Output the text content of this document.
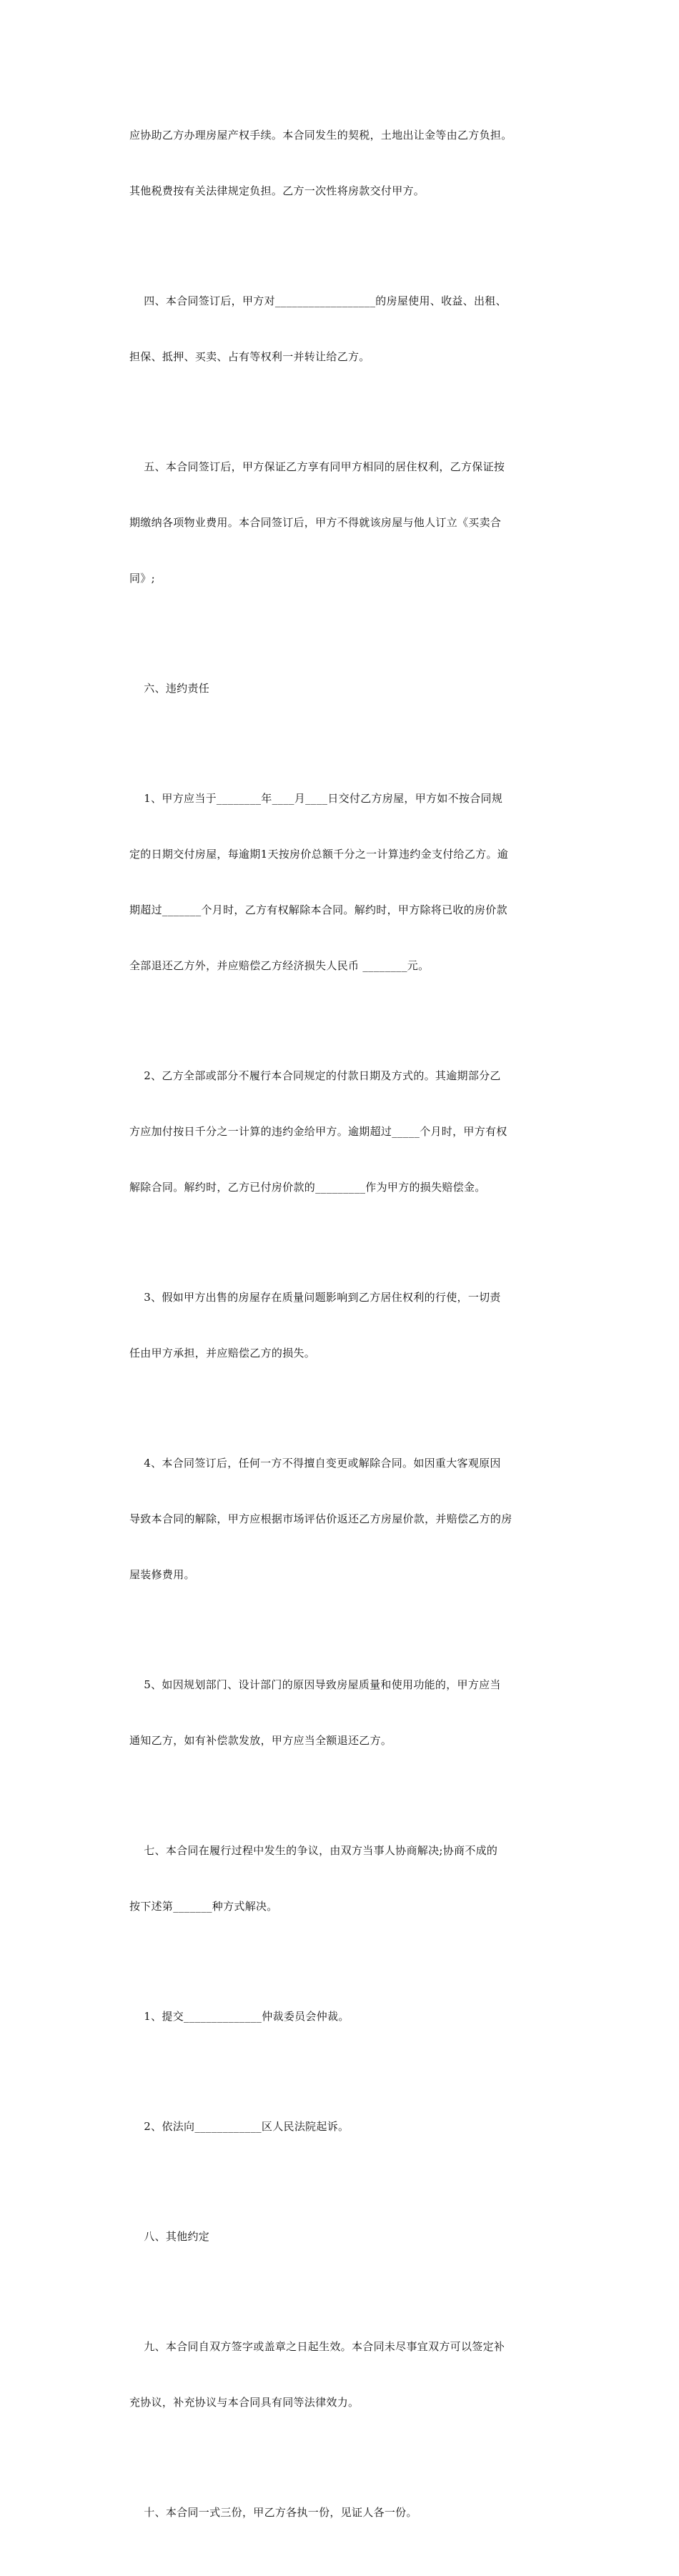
应协助乙方办理房屋产权手续。本合同发生的契税，土地出让金等由乙方负担。

其他税费按有关法律规定负担。乙方一次性将房款交付甲方。

四、本合同签订后，甲方对__________________的房屋使用、收益、出租、

担保、抵押、买卖、占有等权利一并转让给乙方。

五、本合同签订后，甲方保证乙方享有同甲方相同的居住权利，乙方保证按

期缴纳各项物业费用。本合同签订后，甲方不得就该房屋与他人订立《买卖合

同》;

六、违约责任

1、甲方应当于________年____月____日交付乙方房屋，甲方如不按合同规

定的日期交付房屋，每逾期1天按房价总额千分之一计算违约金支付给乙方。逾

期超过_______个月时，乙方有权解除本合同。解约时，甲方除将已收的房价款

全部退还乙方外，并应赔偿乙方经济损失人民币 ________元。

2、乙方全部或部分不履行本合同规定的付款日期及方式的。其逾期部分乙

方应加付按日千分之一计算的违约金给甲方。逾期超过_____个月时，甲方有权

解除合同。解约时，乙方已付房价款的_________作为甲方的损失赔偿金。

3、假如甲方出售的房屋存在质量问题影响到乙方居住权利的行使，一切责

任由甲方承担，并应赔偿乙方的损失。

4、本合同签订后，任何一方不得擅自变更或解除合同。如因重大客观原因

导致本合同的解除，甲方应根据市场评估价返还乙方房屋价款，并赔偿乙方的房

屋装修费用。

5、如因规划部门、设计部门的原因导致房屋质量和使用功能的，甲方应当

通知乙方，如有补偿款发放，甲方应当全额退还乙方。

七、本合同在履行过程中发生的争议，由双方当事人协商解决;协商不成的

按下述第_______种方式解决。

1、提交______________仲裁委员会仲裁。

2、依法向____________区人民法院起诉。

八、其他约定

九、本合同自双方签字或盖章之日起生效。本合同未尽事宜双方可以签定补

充协议，补充协议与本合同具有同等法律效力。

十、本合同一式三份，甲乙方各执一份，见证人各一份。
